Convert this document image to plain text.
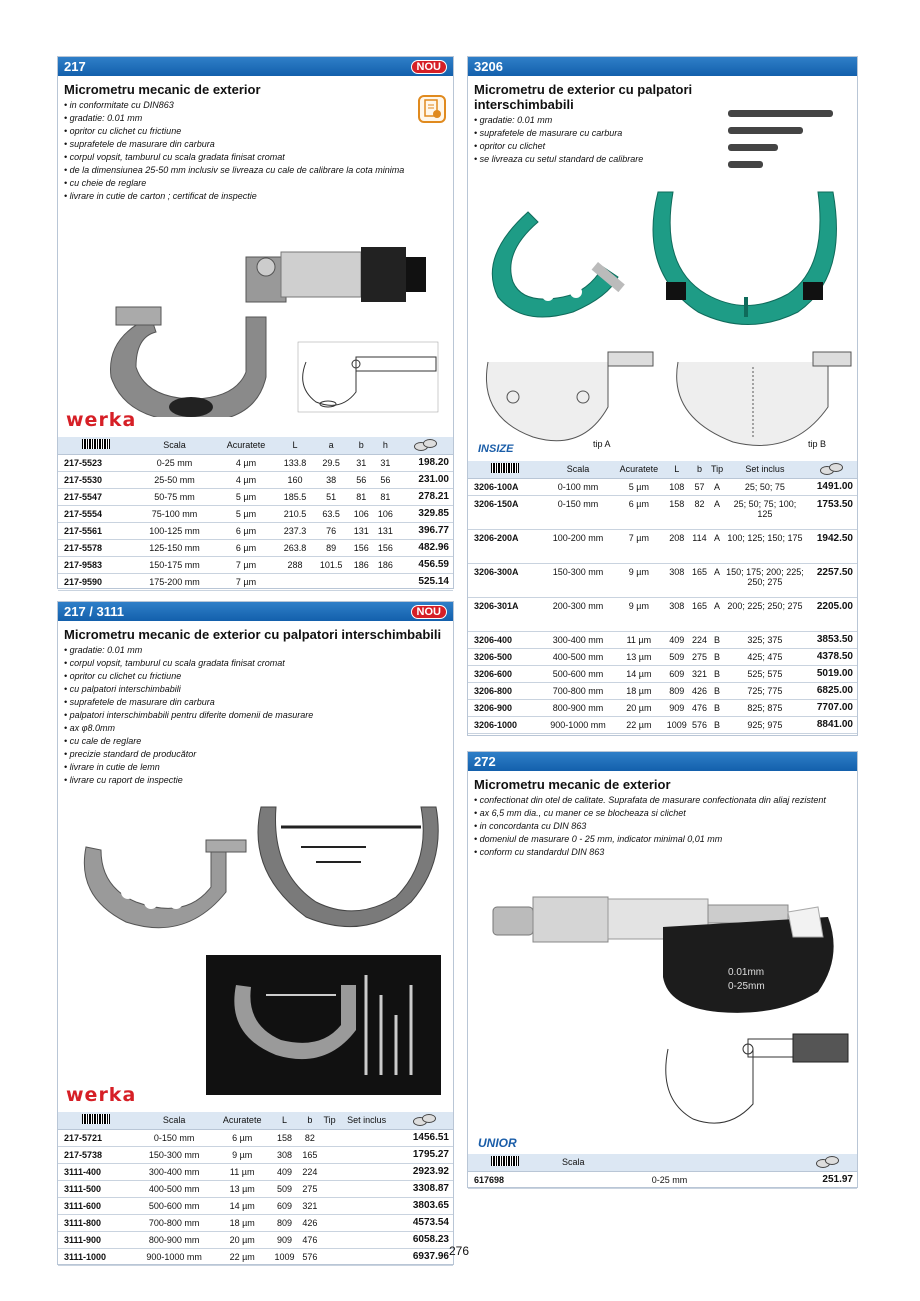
217	NOU
Micrometru mecanic de exterior
• in conformitate cu DIN863
• gradatie: 0.01 mm
• opritor cu clichet cu frictiune
• suprafetele de masurare din carbura
• corpul vopsit, tamburul cu scala gradata finisat cromat
• de la dimensiunea 25-50 mm inclusiv se livreaza cu cale de calibrare la cota minima
• cu cheie de reglare
• livrare in cutie de carton ; certificat de inspectie
werka
	Scala	Acuratete	L	a	b	h	
217-5523	0-25 mm	4 µm	133.8	29.5	31	31	198.20
217-5530	25-50 mm	4 µm	160	38	56	56	231.00
217-5547	50-75 mm	5 µm	185.5	51	81	81	278.21
217-5554	75-100 mm	5 µm	210.5	63.5	106	106	329.85
217-5561	100-125 mm	6 µm	237.3	76	131	131	396.77
217-5578	125-150 mm	6 µm	263.8	89	156	156	482.96
217-9583	150-175 mm	7 µm	288	101.5	186	186	456.59
217-9590	175-200 mm	7 µm					525.14
217 / 3111	NOU
Micrometru mecanic de exterior cu palpatori interschimbabili
• gradatie: 0.01 mm
• corpul vopsit, tamburul cu scala gradata finisat cromat
• opritor cu clichet cu frictiune
• cu palpatori interschimbabili
• suprafetele de masurare din carbura
• palpatori interschimbabili pentru diferite domenii de masurare
• ax φ8.0mm
• cu cale de reglare
• precizie standard de producător
• livrare in cutie de lemn
• livrare cu raport de inspectie
werka
	Scala	Acuratete	L	b	Tip	Set inclus	
217-5721	0-150 mm	6 µm	158	82			1456.51
217-5738	150-300 mm	9 µm	308	165			1795.27
3111-400	300-400 mm	11 µm	409	224			2923.92
3111-500	400-500 mm	13 µm	509	275			3308.87
3111-600	500-600 mm	14 µm	609	321			3803.65
3111-800	700-800 mm	18 µm	809	426			4573.54
3111-900	800-900 mm	20 µm	909	476			6058.23
3111-1000	900-1000 mm	22 µm	1009	576			6937.96 276
3206
Micrometru de exterior cu palpatori interschimbabili
• gradatie: 0.01 mm
• suprafetele de masurare cu carbura
• opritor cu clichet
• se livreaza cu setul standard de calibrare
INSIZE	tip A	tip B
	Scala	Acuratete	L	b	Tip	Set inclus	
3206-100A	0-100 mm	5 µm	108	57	A	25; 50; 75	1491.00
3206-150A	0-150 mm	6 µm	158	82	A	25; 50; 75; 100; 125	1753.50
3206-200A	100-200 mm	7 µm	208	114	A	100; 125; 150; 175	1942.50
3206-300A	150-300 mm	9 µm	308	165	A	150; 175; 200; 225; 250; 275	2257.50
3206-301A	200-300 mm	9 µm	308	165	A	200; 225; 250; 275	2205.00
3206-400	300-400 mm	11 µm	409	224	B	325; 375	3853.50
3206-500	400-500 mm	13 µm	509	275	B	425; 475	4378.50
3206-600	500-600 mm	14 µm	609	321	B	525; 575	5019.00
3206-800	700-800 mm	18 µm	809	426	B	725; 775	6825.00
3206-900	800-900 mm	20 µm	909	476	B	825; 875	7707.00
3206-1000	900-1000 mm	22 µm	1009	576	B	925; 975	8841.00
272
Micrometru mecanic de exterior
• confectionat din otel de calitate. Suprafata de masurare confectionata din aliaj rezistent
• ax 6,5 mm dia., cu maner ce se blocheaza si clichet
• in concordanta cu DIN 863
• domeniul de masurare 0 - 25 mm, indicator minimal 0,01 mm
• conform cu standardul DIN 863
0.01mm
0-25mm
UNIOR
	Scala	
617698	0-25 mm	251.97
